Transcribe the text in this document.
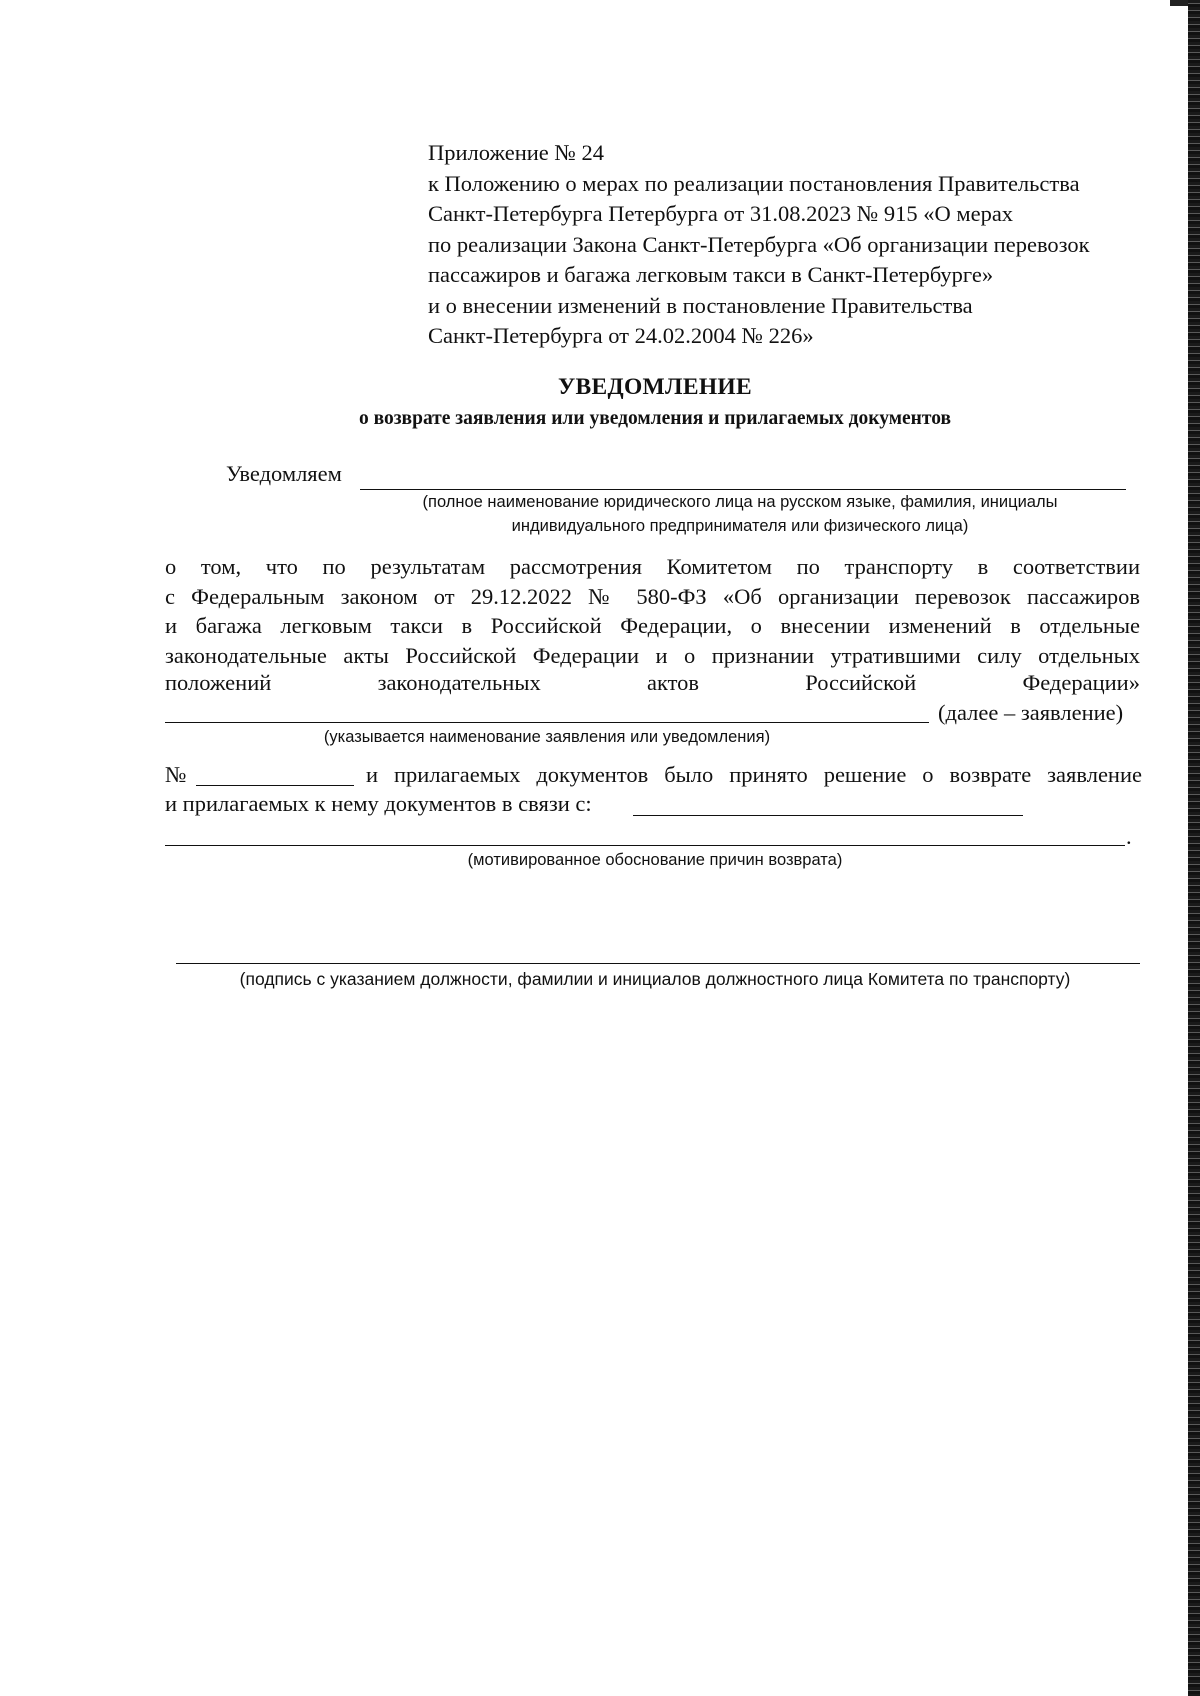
Приложение № 24
к Положению о мерах по реализации постановления Правительства
Санкт-Петербурга Петербурга от 31.08.2023 № 915 «О мерах
по реализации Закона Санкт-Петербурга «Об организации перевозок
пассажиров и багажа легковым такси в Санкт-Петербурге»
и о внесении изменений в постановление Правительства
Санкт-Петербурга от 24.02.2004 № 226»
УВЕДОМЛЕНИЕ
о возврате заявления или уведомления и прилагаемых документов
Уведомляем
(полное наименование юридического лица на русском языке, фамилия, инициалы
индивидуального предпринимателя или физического лица)
о том, что по результатам рассмотрения Комитетом по транспорту в соответствии
с Федеральным законом от 29.12.2022 № 580-ФЗ «Об организации перевозок пассажиров
и багажа легковым такси в Российской Федерации, о внесении изменений в отдельные
законодательные акты Российской Федерации и о признании утратившими силу отдельных
положений	законодательных	актов	Российской	Федерации»
(далее – заявление)
(указывается наименование заявления или уведомления)
№	и прилагаемых документов было принято решение о возврате заявление
и прилагаемых к нему документов в связи с:
.
(мотивированное обоснование причин возврата)
(подпись с указанием должности, фамилии и инициалов должностного лица Комитета по транспорту)
